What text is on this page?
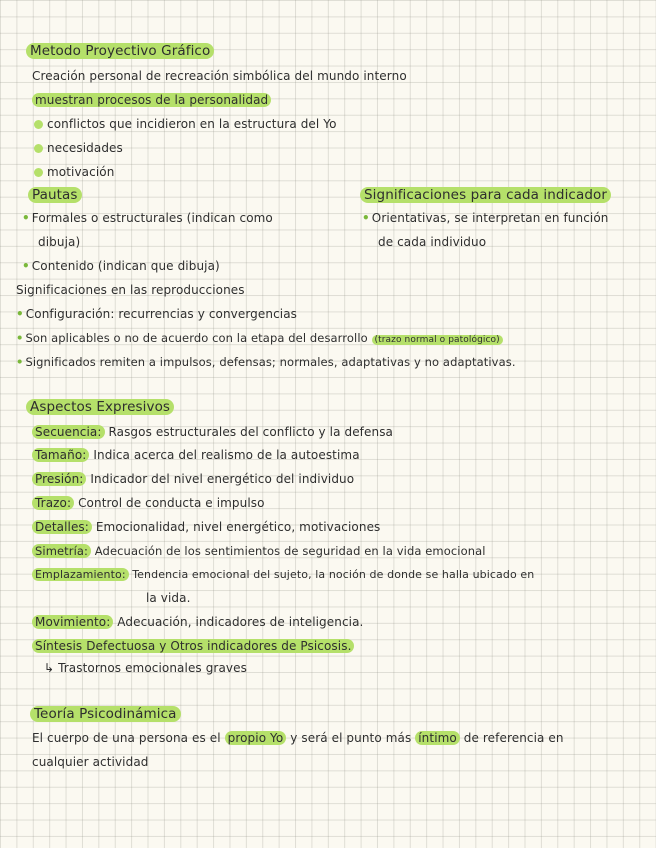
Metodo Proyectivo Gráfico
Creación personal de recreación simbólica del mundo interno
muestran procesos de la personalidad
conflictos que incidieron en la estructura del Yo
necesidades
motivación
Pautas
• Formales o estructurales (indican como
dibuja)
• Contenido (indican que dibuja)
Significaciones para cada indicador
• Orientativas, se interpretan en función
de cada individuo
Significaciones en las reproducciones
• Configuración: recurrencias y convergencias
• Son aplicables o no de acuerdo con la etapa del desarrollo (trazo normal o patológico)
• Significados remiten a impulsos, defensas; normales, adaptativas y no adaptativas.
Aspectos Expresivos
Secuencia: Rasgos estructurales del conflicto y la defensa
Tamaño: Indica acerca del realismo de la autoestima
Presión: Indicador del nivel energético del individuo
Trazo: Control de conducta e impulso
Detalles: Emocionalidad, nivel energético, motivaciones
Simetría: Adecuación de los sentimientos de seguridad en la vida emocional
Emplazamiento: Tendencia emocional del sujeto, la noción de donde se halla ubicado en
la vida.
Movimiento: Adecuación, indicadores de inteligencia.
Síntesis Defectuosa y Otros indicadores de Psicosis.
↳ Trastornos emocionales graves
Teoría Psicodinámica
El cuerpo de una persona es el propio Yo y será el punto más íntimo de referencia en
cualquier actividad
